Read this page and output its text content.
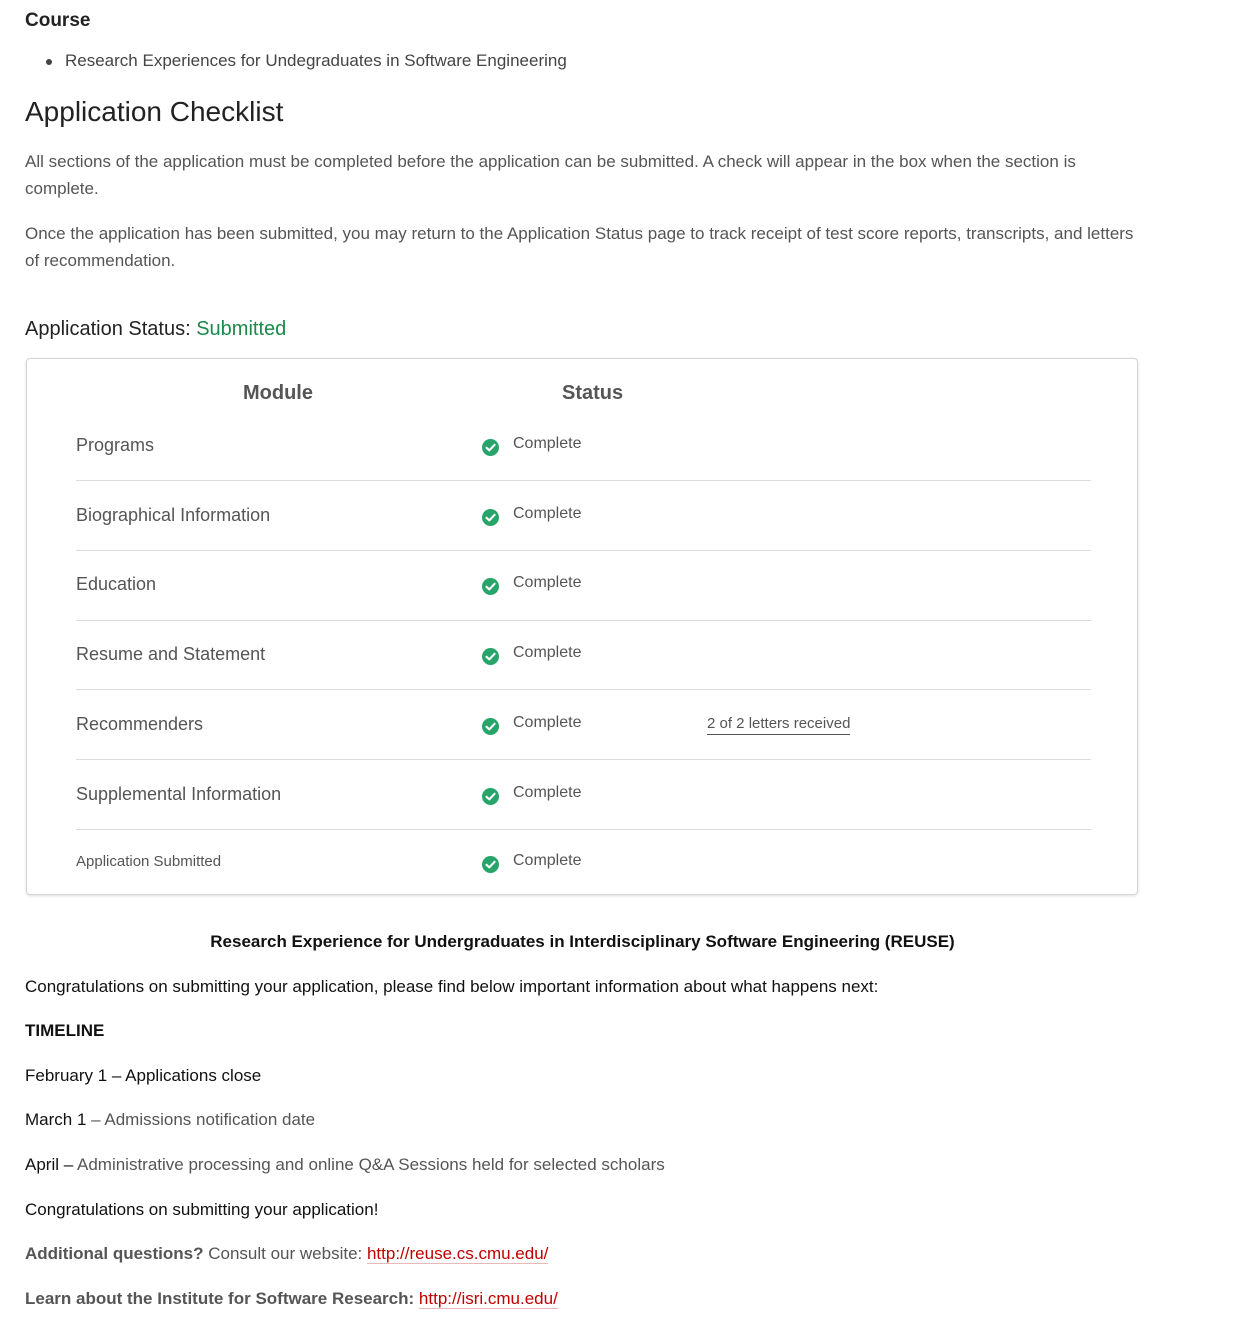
Course
Research Experiences for Undegraduates in Software Engineering
Application Checklist
All sections of the application must be completed before the application can be submitted. A check will appear in the box when the section is complete.
Once the application has been submitted, you may return to the Application Status page to track receipt of test score reports, transcripts, and letters of recommendation.
Application Status: Submitted
Module	Status
Programs	Complete
Biographical Information	Complete
Education	Complete
Resume and Statement	Complete
Recommenders	Complete	2 of 2 letters received
Supplemental Information	Complete
Application Submitted	Complete
Research Experience for Undergraduates in Interdisciplinary Software Engineering (REUSE)
Congratulations on submitting your application, please find below important information about what happens next:
TIMELINE
February 1 – Applications close
March 1 – Admissions notification date
April – Administrative processing and online Q&A Sessions held for selected scholars
Congratulations on submitting your application!
Additional questions? Consult our website: http://reuse.cs.cmu.edu/
Learn about the Institute for Software Research: http://isri.cmu.edu/
